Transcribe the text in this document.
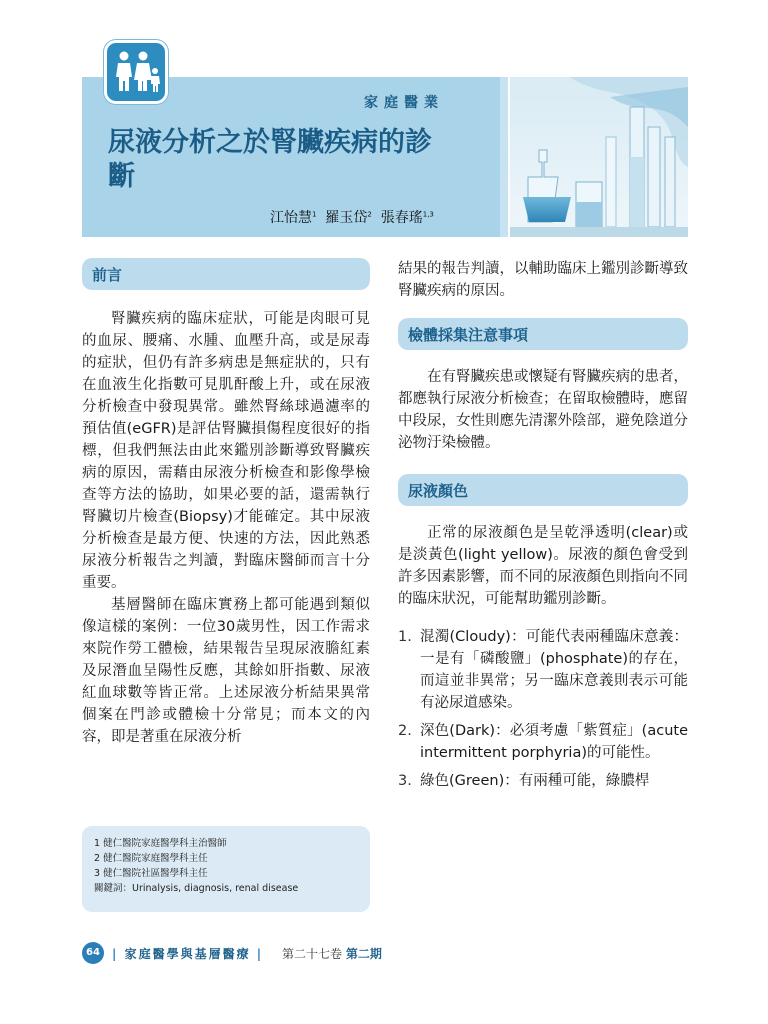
家庭醫業
尿液分析之於腎臟疾病的診斷
江怡慧$^1$ 羅玉岱$^2$ 張春瑤$^{1,3}$
前言

腎臟疾病的臨床症狀，可能是肉眼可見的血尿、腰痛、水腫、血壓升高，或是尿毒的症狀，但仍有許多病患是無症狀的，只有在血液生化指數可見肌酐酸上升，或在尿液分析檢查中發現異常。雖然腎絲球過濾率的預估值(eGFR)是評估腎臟損傷程度很好的指標，但我們無法由此來鑑別診斷導致腎臟疾病的原因，需藉由尿液分析檢查和影像學檢查等方法的協助，如果必要的話，還需執行腎臟切片檢查(Biopsy)才能確定。其中尿液分析檢查是最方便、快速的方法，因此熟悉尿液分析報告之判讀，對臨床醫師而言十分重要。

基層醫師在臨床實務上都可能遇到類似像這樣的案例：一位30歲男性，因工作需求來院作勞工體檢，結果報告呈現尿液膽紅素及尿潛血呈陽性反應，其餘如肝指數、尿液紅血球數等皆正常。上述尿液分析結果異常個案在門診或體檢十分常見；而本文的內容，即是著重在尿液分析

1 健仁醫院家庭醫學科主治醫師
2 健仁醫院家庭醫學科主任
3 健仁醫院社區醫學科主任
關鍵詞：Urinalysis, diagnosis, renal disease

結果的報告判讀，以輔助臨床上鑑別診斷導致腎臟疾病的原因。

檢體採集注意事項

在有腎臟疾患或懷疑有腎臟疾病的患者，都應執行尿液分析檢查；在留取檢體時，應留中段尿，女性則應先清潔外陰部，避免陰道分泌物汙染檢體。

尿液顏色

正常的尿液顏色是呈乾淨透明(clear)或是淡黃色(light yellow)。尿液的顏色會受到許多因素影響，而不同的尿液顏色則指向不同的臨床狀況，可能幫助鑑別診斷。

1. 混濁(Cloudy)：可能代表兩種臨床意義：一是有「磷酸鹽」(phosphate)的存在，而這並非異常；另一臨床意義則表示可能有泌尿道感染。
2. 深色(Dark)：必須考慮「紫質症」(acute intermittent porphyria)的可能性。
3. 綠色(Green)：有兩種可能，綠膿桿
64	| 家庭醫學與基層醫療 | 第二十七卷 第二期
